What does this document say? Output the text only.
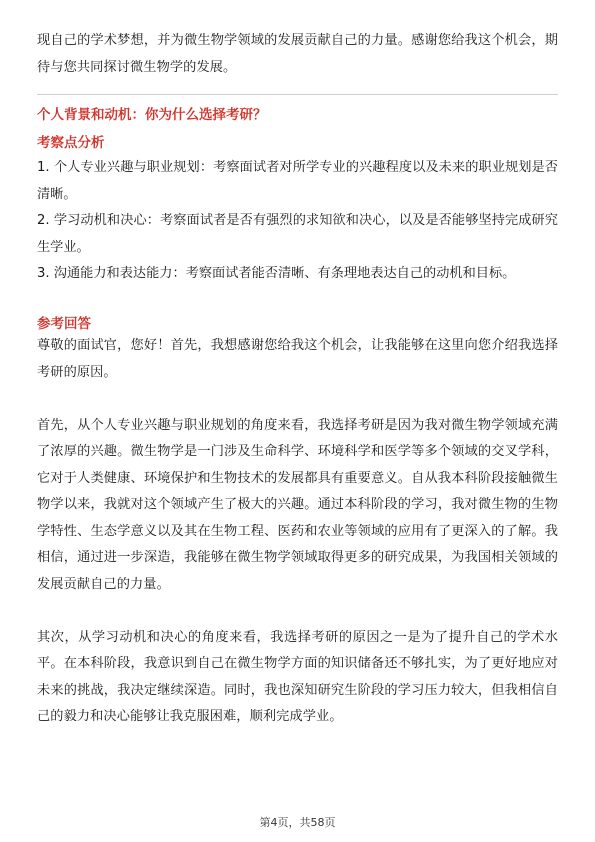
现自己的学术梦想，并为微生物学领域的发展贡献自己的力量。感谢您给我这个机会，期待与您共同探讨微生物学的发展。

个人背景和动机：你为什么选择考研？

考察点分析

1. 个人专业兴趣与职业规划：考察面试者对所学专业的兴趣程度以及未来的职业规划是否清晰。

2. 学习动机和决心：考察面试者是否有强烈的求知欲和决心，以及是否能够坚持完成研究生学业。

3. 沟通能力和表达能力：考察面试者能否清晰、有条理地表达自己的动机和目标。

参考回答

尊敬的面试官，您好！首先，我想感谢您给我这个机会，让我能够在这里向您介绍我选择考研的原因。

首先，从个人专业兴趣与职业规划的角度来看，我选择考研是因为我对微生物学领域充满了浓厚的兴趣。微生物学是一门涉及生命科学、环境科学和医学等多个领域的交叉学科，它对于人类健康、环境保护和生物技术的发展都具有重要意义。自从我本科阶段接触微生物学以来，我就对这个领域产生了极大的兴趣。通过本科阶段的学习，我对微生物的生物学特性、生态学意义以及其在生物工程、医药和农业等领域的应用有了更深入的了解。我相信，通过进一步深造，我能够在微生物学领域取得更多的研究成果，为我国相关领域的发展贡献自己的力量。

其次，从学习动机和决心的角度来看，我选择考研的原因之一是为了提升自己的学术水平。在本科阶段，我意识到自己在微生物学方面的知识储备还不够扎实，为了更好地应对未来的挑战，我决定继续深造。同时，我也深知研究生阶段的学习压力较大，但我相信自己的毅力和决心能够让我克服困难，顺利完成学业。

第4页，共58页
